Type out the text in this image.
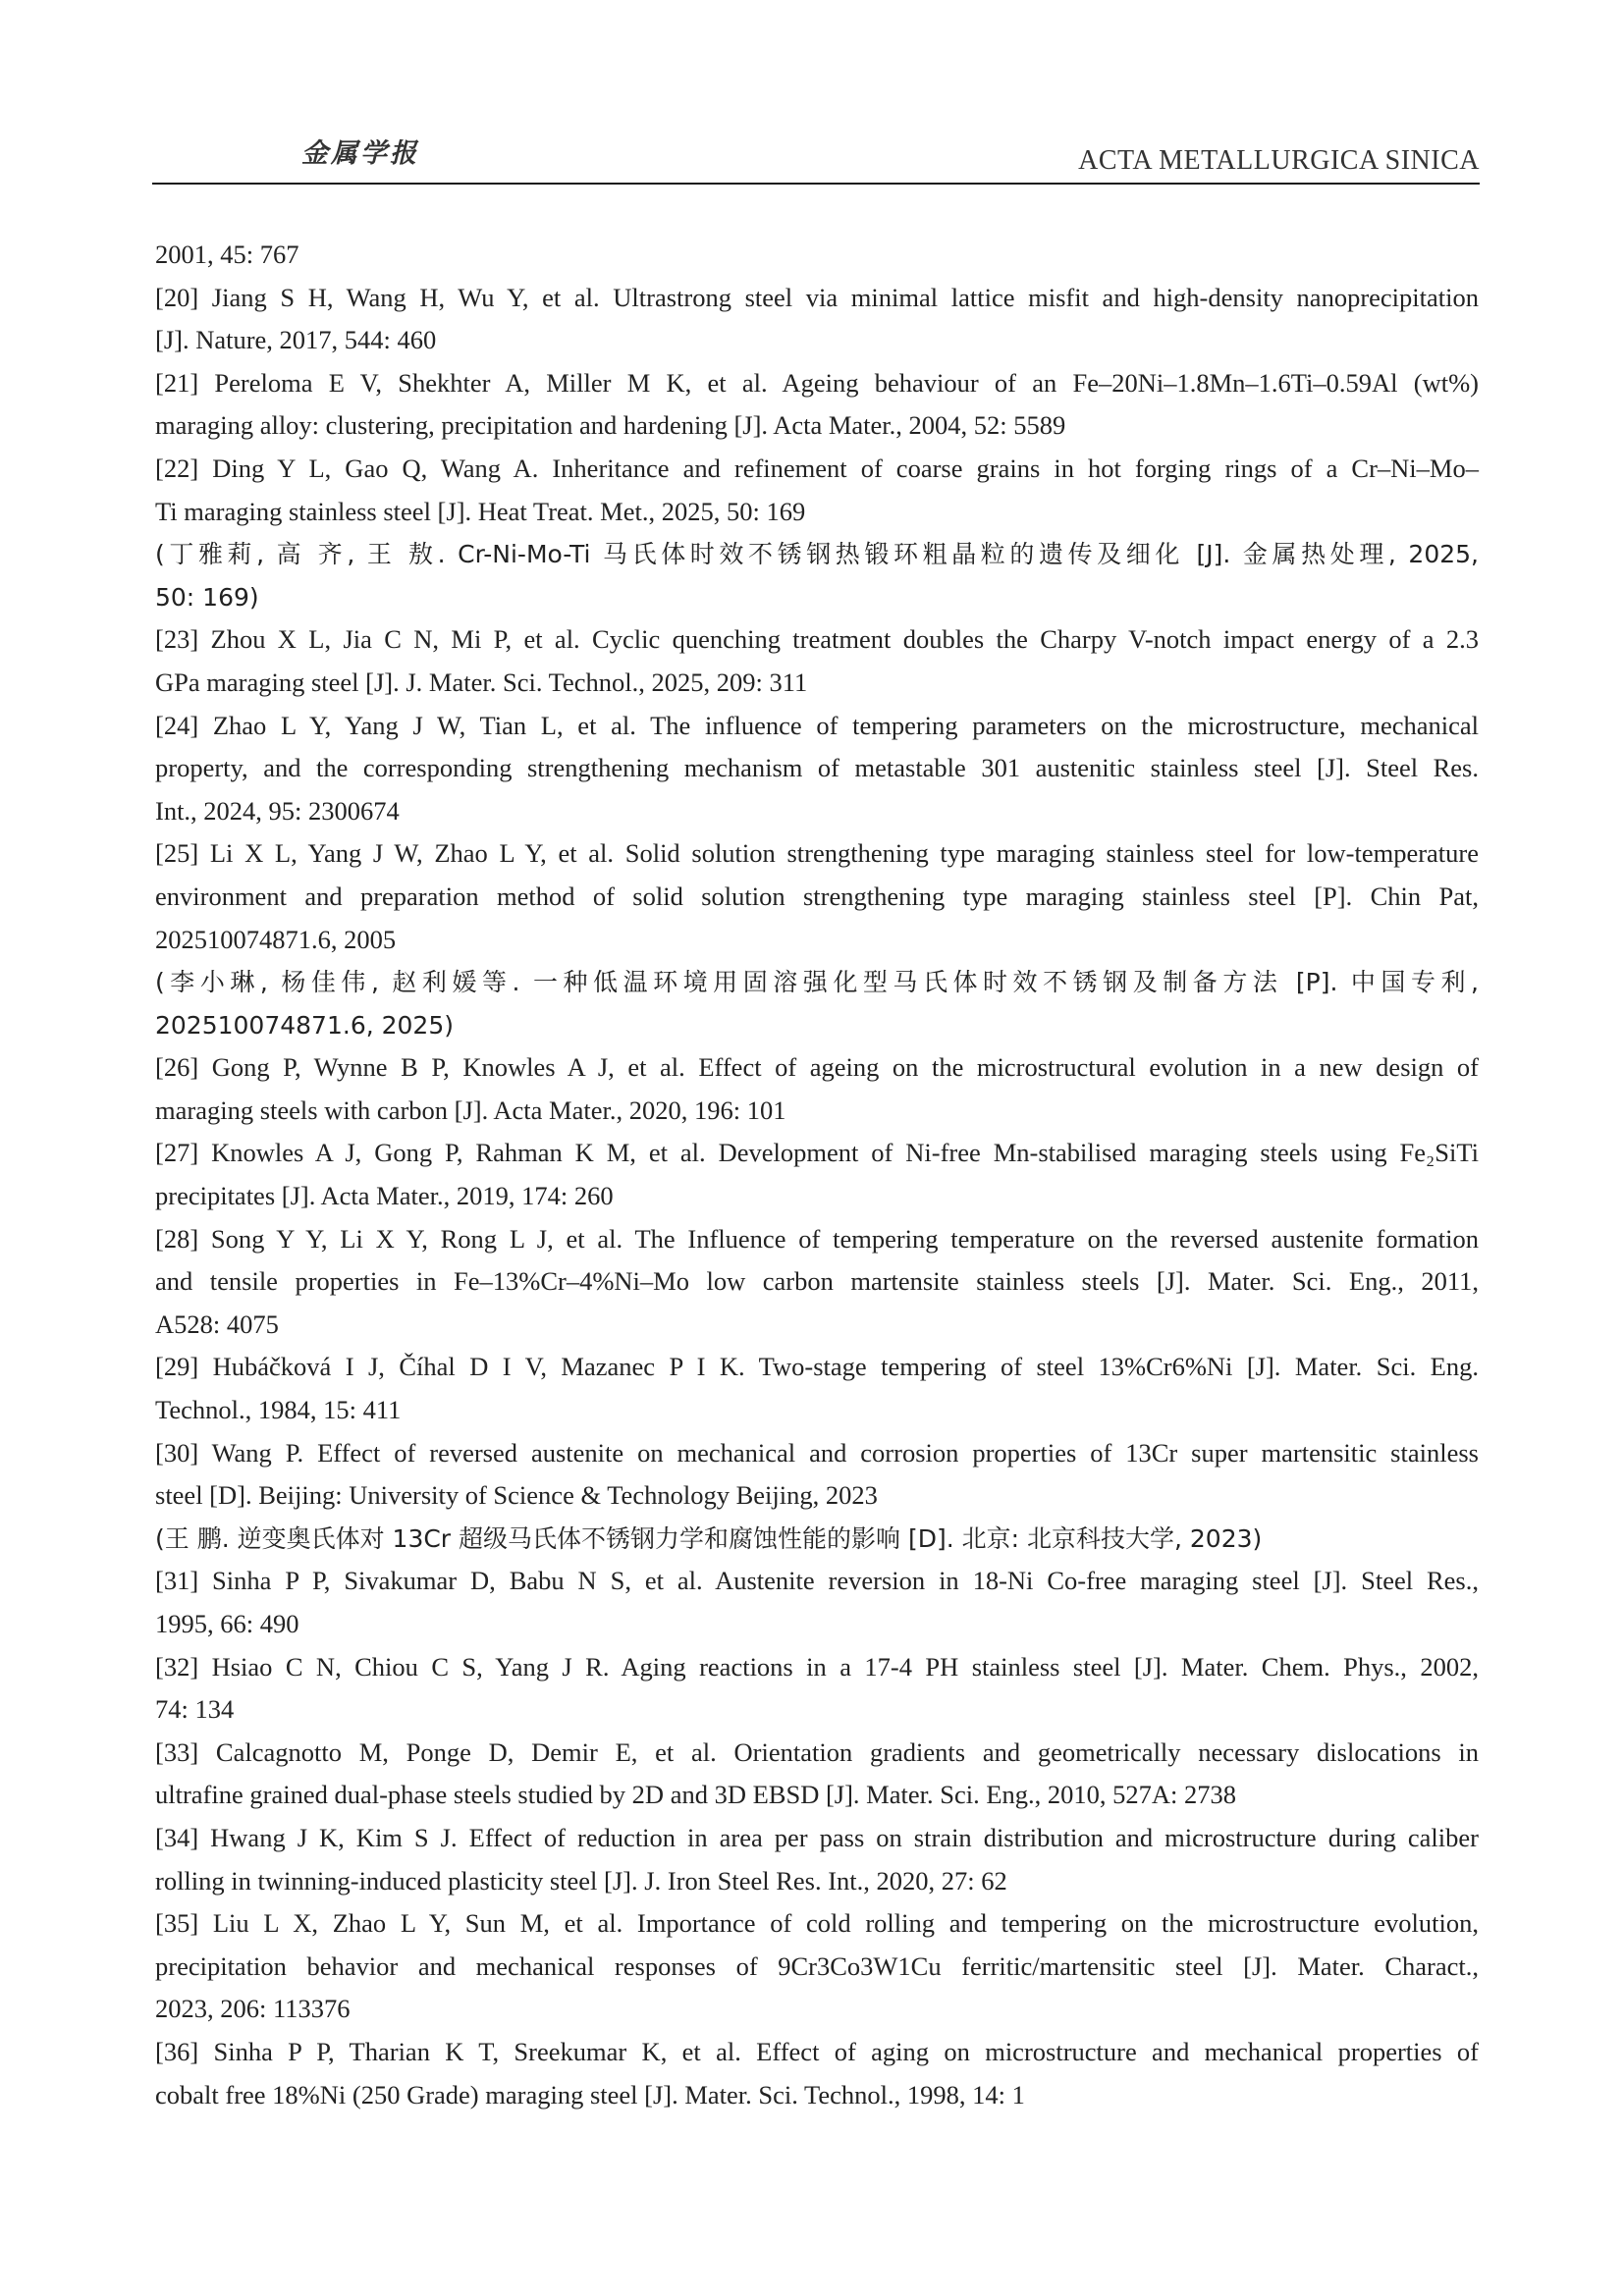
金属学报	ACTA METALLURGICA SINICA
2001, 45: 767
[20] Jiang S H, Wang H, Wu Y, et al. Ultrastrong steel via minimal lattice misfit and high-density nanoprecipitation
[J]. Nature, 2017, 544: 460
[21] Pereloma E V, Shekhter A, Miller M K, et al. Ageing behaviour of an Fe–20Ni–1.8Mn–1.6Ti–0.59Al (wt%)
maraging alloy: clustering, precipitation and hardening [J]. Acta Mater., 2004, 52: 5589
[22] Ding Y L, Gao Q, Wang A. Inheritance and refinement of coarse grains in hot forging rings of a Cr–Ni–Mo–
Ti maraging stainless steel [J]. Heat Treat. Met., 2025, 50: 169
(丁雅莉, 高 齐, 王 敖. Cr-Ni-Mo-Ti 马氏体时效不锈钢热锻环粗晶粒的遗传及细化 [J]. 金属热处理, 2025,
50: 169)
[23] Zhou X L, Jia C N, Mi P, et al. Cyclic quenching treatment doubles the Charpy V-notch impact energy of a 2.3
GPa maraging steel [J]. J. Mater. Sci. Technol., 2025, 209: 311
[24] Zhao L Y, Yang J W, Tian L, et al. The influence of tempering parameters on the microstructure, mechanical
property, and the corresponding strengthening mechanism of metastable 301 austenitic stainless steel [J]. Steel Res.
Int., 2024, 95: 2300674
[25] Li X L, Yang J W, Zhao L Y, et al. Solid solution strengthening type maraging stainless steel for low-temperature
environment and preparation method of solid solution strengthening type maraging stainless steel [P]. Chin Pat,
202510074871.6, 2005
(李小琳, 杨佳伟, 赵利媛等. 一种低温环境用固溶强化型马氏体时效不锈钢及制备方法 [P]. 中国专利,
202510074871.6, 2025)
[26] Gong P, Wynne B P, Knowles A J, et al. Effect of ageing on the microstructural evolution in a new design of
maraging steels with carbon [J]. Acta Mater., 2020, 196: 101
[27] Knowles A J, Gong P, Rahman K M, et al. Development of Ni-free Mn-stabilised maraging steels using Fe₂SiTi
precipitates [J]. Acta Mater., 2019, 174: 260
[28] Song Y Y, Li X Y, Rong L J, et al. The Influence of tempering temperature on the reversed austenite formation
and tensile properties in Fe–13%Cr–4%Ni–Mo low carbon martensite stainless steels [J]. Mater. Sci. Eng., 2011,
A528: 4075
[29] Hubáčková I J, Číhal D I V, Mazanec P I K. Two-stage tempering of steel 13%Cr6%Ni [J]. Mater. Sci. Eng.
Technol., 1984, 15: 411
[30] Wang P. Effect of reversed austenite on mechanical and corrosion properties of 13Cr super martensitic stainless
steel [D]. Beijing: University of Science & Technology Beijing, 2023
(王 鹏. 逆变奥氏体对 13Cr 超级马氏体不锈钢力学和腐蚀性能的影响 [D]. 北京: 北京科技大学, 2023)
[31] Sinha P P, Sivakumar D, Babu N S, et al. Austenite reversion in 18-Ni Co-free maraging steel [J]. Steel Res.,
1995, 66: 490
[32] Hsiao C N, Chiou C S, Yang J R. Aging reactions in a 17-4 PH stainless steel [J]. Mater. Chem. Phys., 2002,
74: 134
[33] Calcagnotto M, Ponge D, Demir E, et al. Orientation gradients and geometrically necessary dislocations in
ultrafine grained dual-phase steels studied by 2D and 3D EBSD [J]. Mater. Sci. Eng., 2010, 527A: 2738
[34] Hwang J K, Kim S J. Effect of reduction in area per pass on strain distribution and microstructure during caliber
rolling in twinning-induced plasticity steel [J]. J. Iron Steel Res. Int., 2020, 27: 62
[35] Liu L X, Zhao L Y, Sun M, et al. Importance of cold rolling and tempering on the microstructure evolution,
precipitation behavior and mechanical responses of 9Cr3Co3W1Cu ferritic/martensitic steel [J]. Mater. Charact.,
2023, 206: 113376
[36] Sinha P P, Tharian K T, Sreekumar K, et al. Effect of aging on microstructure and mechanical properties of
cobalt free 18%Ni (250 Grade) maraging steel [J]. Mater. Sci. Technol., 1998, 14: 1
